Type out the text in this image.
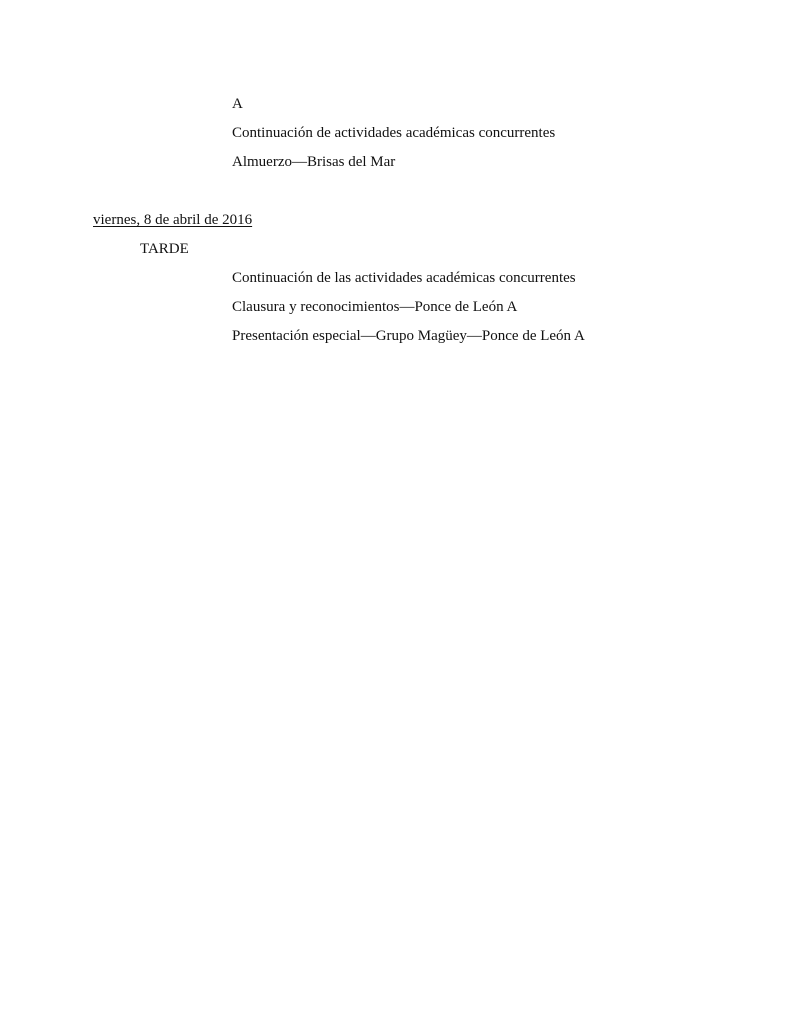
A
Continuación de actividades académicas concurrentes
Almuerzo—Brisas del Mar
viernes, 8 de abril de 2016
TARDE
Continuación de las actividades académicas concurrentes
Clausura y reconocimientos—Ponce de León A
Presentación especial—Grupo Magüey—Ponce de León A
